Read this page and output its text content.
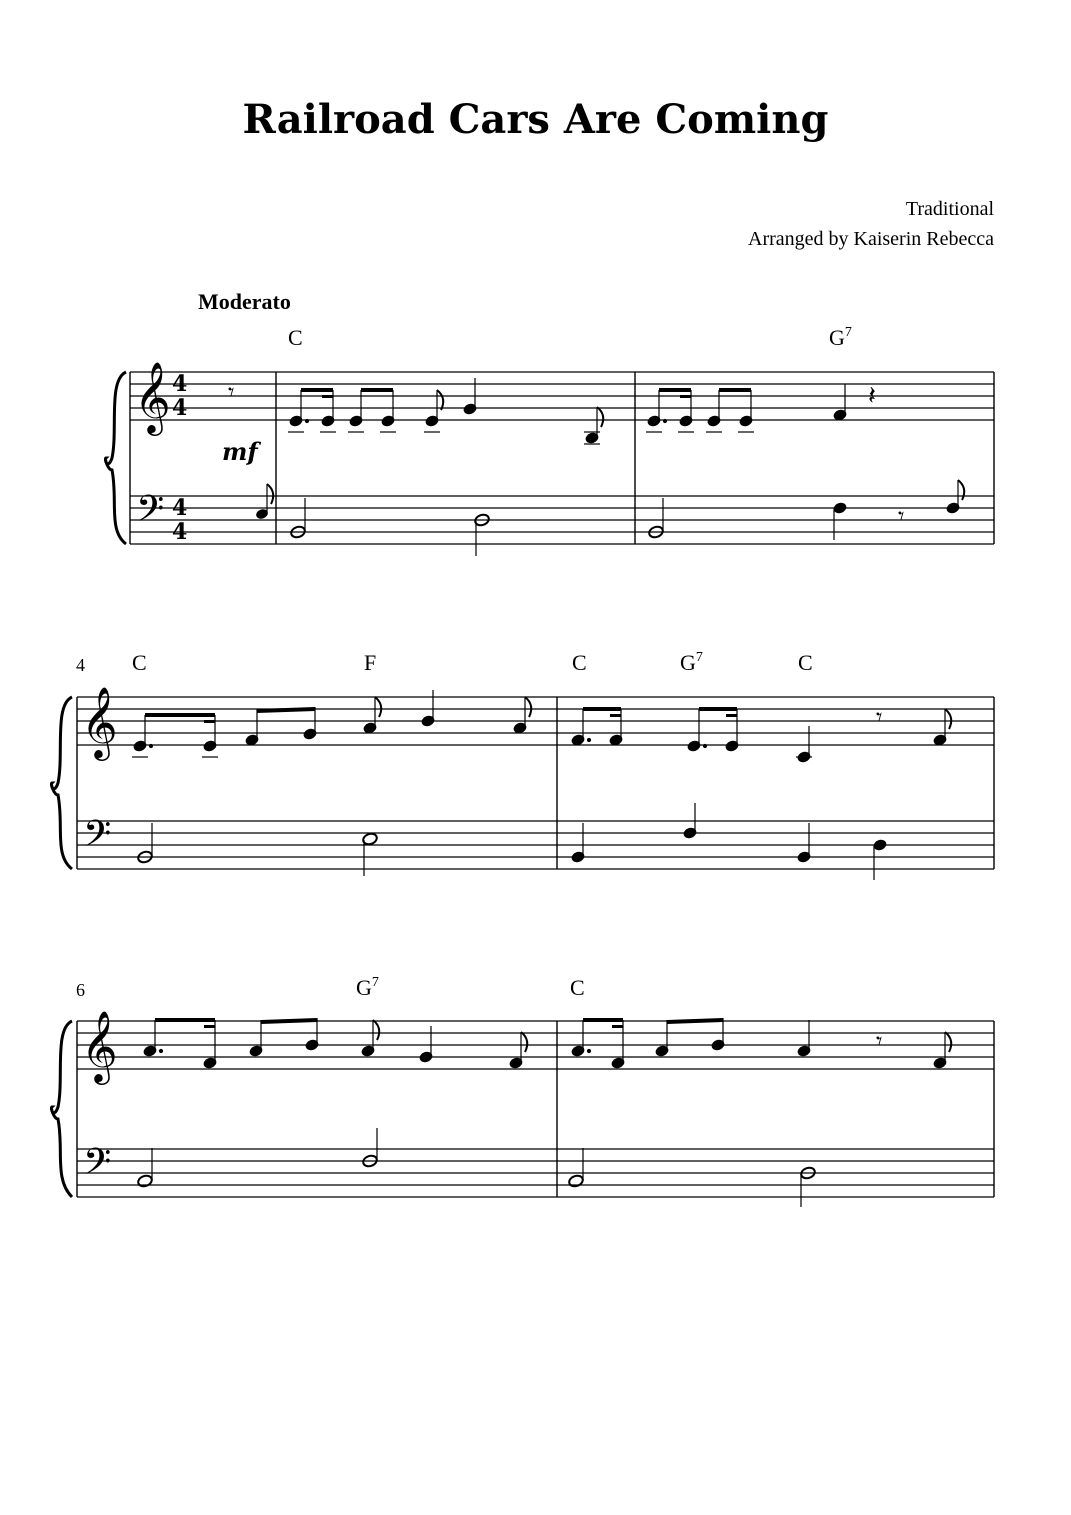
Railroad Cars Are Coming
Traditional
Arranged by Kaiserin Rebecca
Moderato
C	$G^7$
𝄞
𝄢
4
4
4
4
mf
𝄾	𝄽
𝄾
4 C	F	C	$G^7$	C
𝄞
𝄢
𝄾
6	$G^7$	C
𝄞
𝄢
𝄾
